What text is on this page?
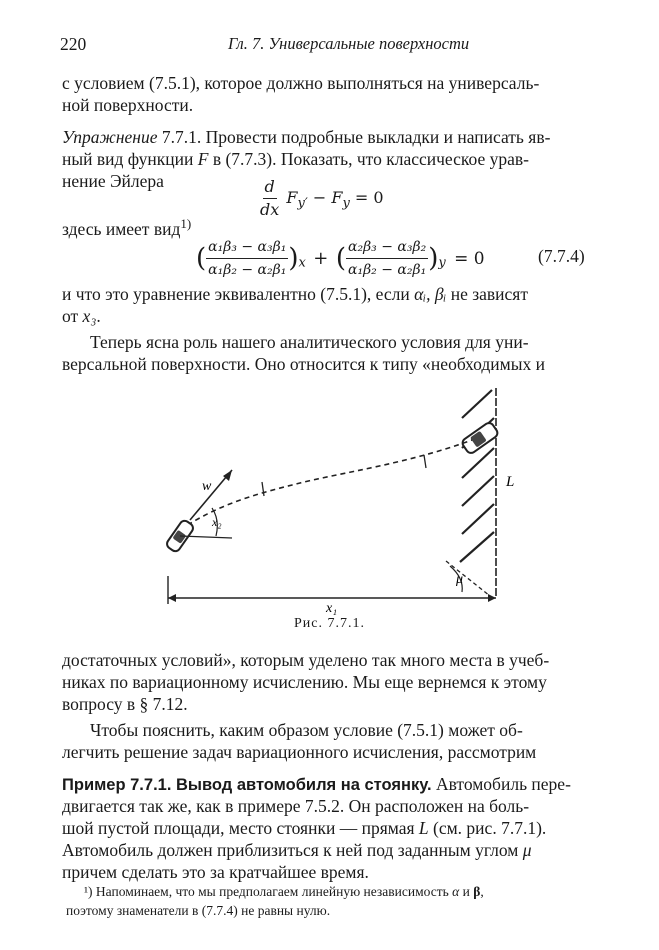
220	Гл. 7. Универсальные поверхности
с условием (7.5.1), которое должно выполняться на универсаль-
ной поверхности.
Упражнение 7.7.1. Провести подробные выкладки и написать яв-
ный вид функции F в (7.7.3). Показать, что классическое урав-
нение Эйлера	$\frac{d}{dx} F_{y'} - F_y = 0$
здесь имеет вид$^{1)}$
( $\frac{\text{α₁β₃ − α₃β₁}}{\text{α₁β₂ − α₂β₁}} )_x$ + ( $\frac{\text{α₂β₃ − α₃β₂}}{\text{α₁β₂ − α₂β₁}} )_y = 0$	(7.7.4)
и что это уравнение эквивалентно (7.5.1), если αᵢ, βᵢ не зависят
от x₃.
Теперь ясна роль нашего аналитического условия для уни-
версальной поверхности. Оно относится к типу «необходимых и
L
w
x₂
μ
x₁
Рис. 7.7.1.
достаточных условий», которым уделено так много места в учеб-
никах по вариационному исчислению. Мы еще вернемся к этому
вопросу в § 7.12.
Чтобы пояснить, каким образом условие (7.5.1) может об-
легчить решение задач вариационного исчисления, рассмотрим
Пример 7.7.1. Вывод автомобиля на стоянку. Автомобиль пере-
двигается так же, как в примере 7.5.2. Он расположен на боль-
шой пустой площади, место стоянки — прямая L (см. рис. 7.7.1).
Автомобиль должен приблизиться к ней под заданным углом μ
причем сделать это за кратчайшее время.
¹) Напоминаем, что мы предполагаем линейную независимость α и β,
поэтому знаменатели в (7.7.4) не равны нулю.
